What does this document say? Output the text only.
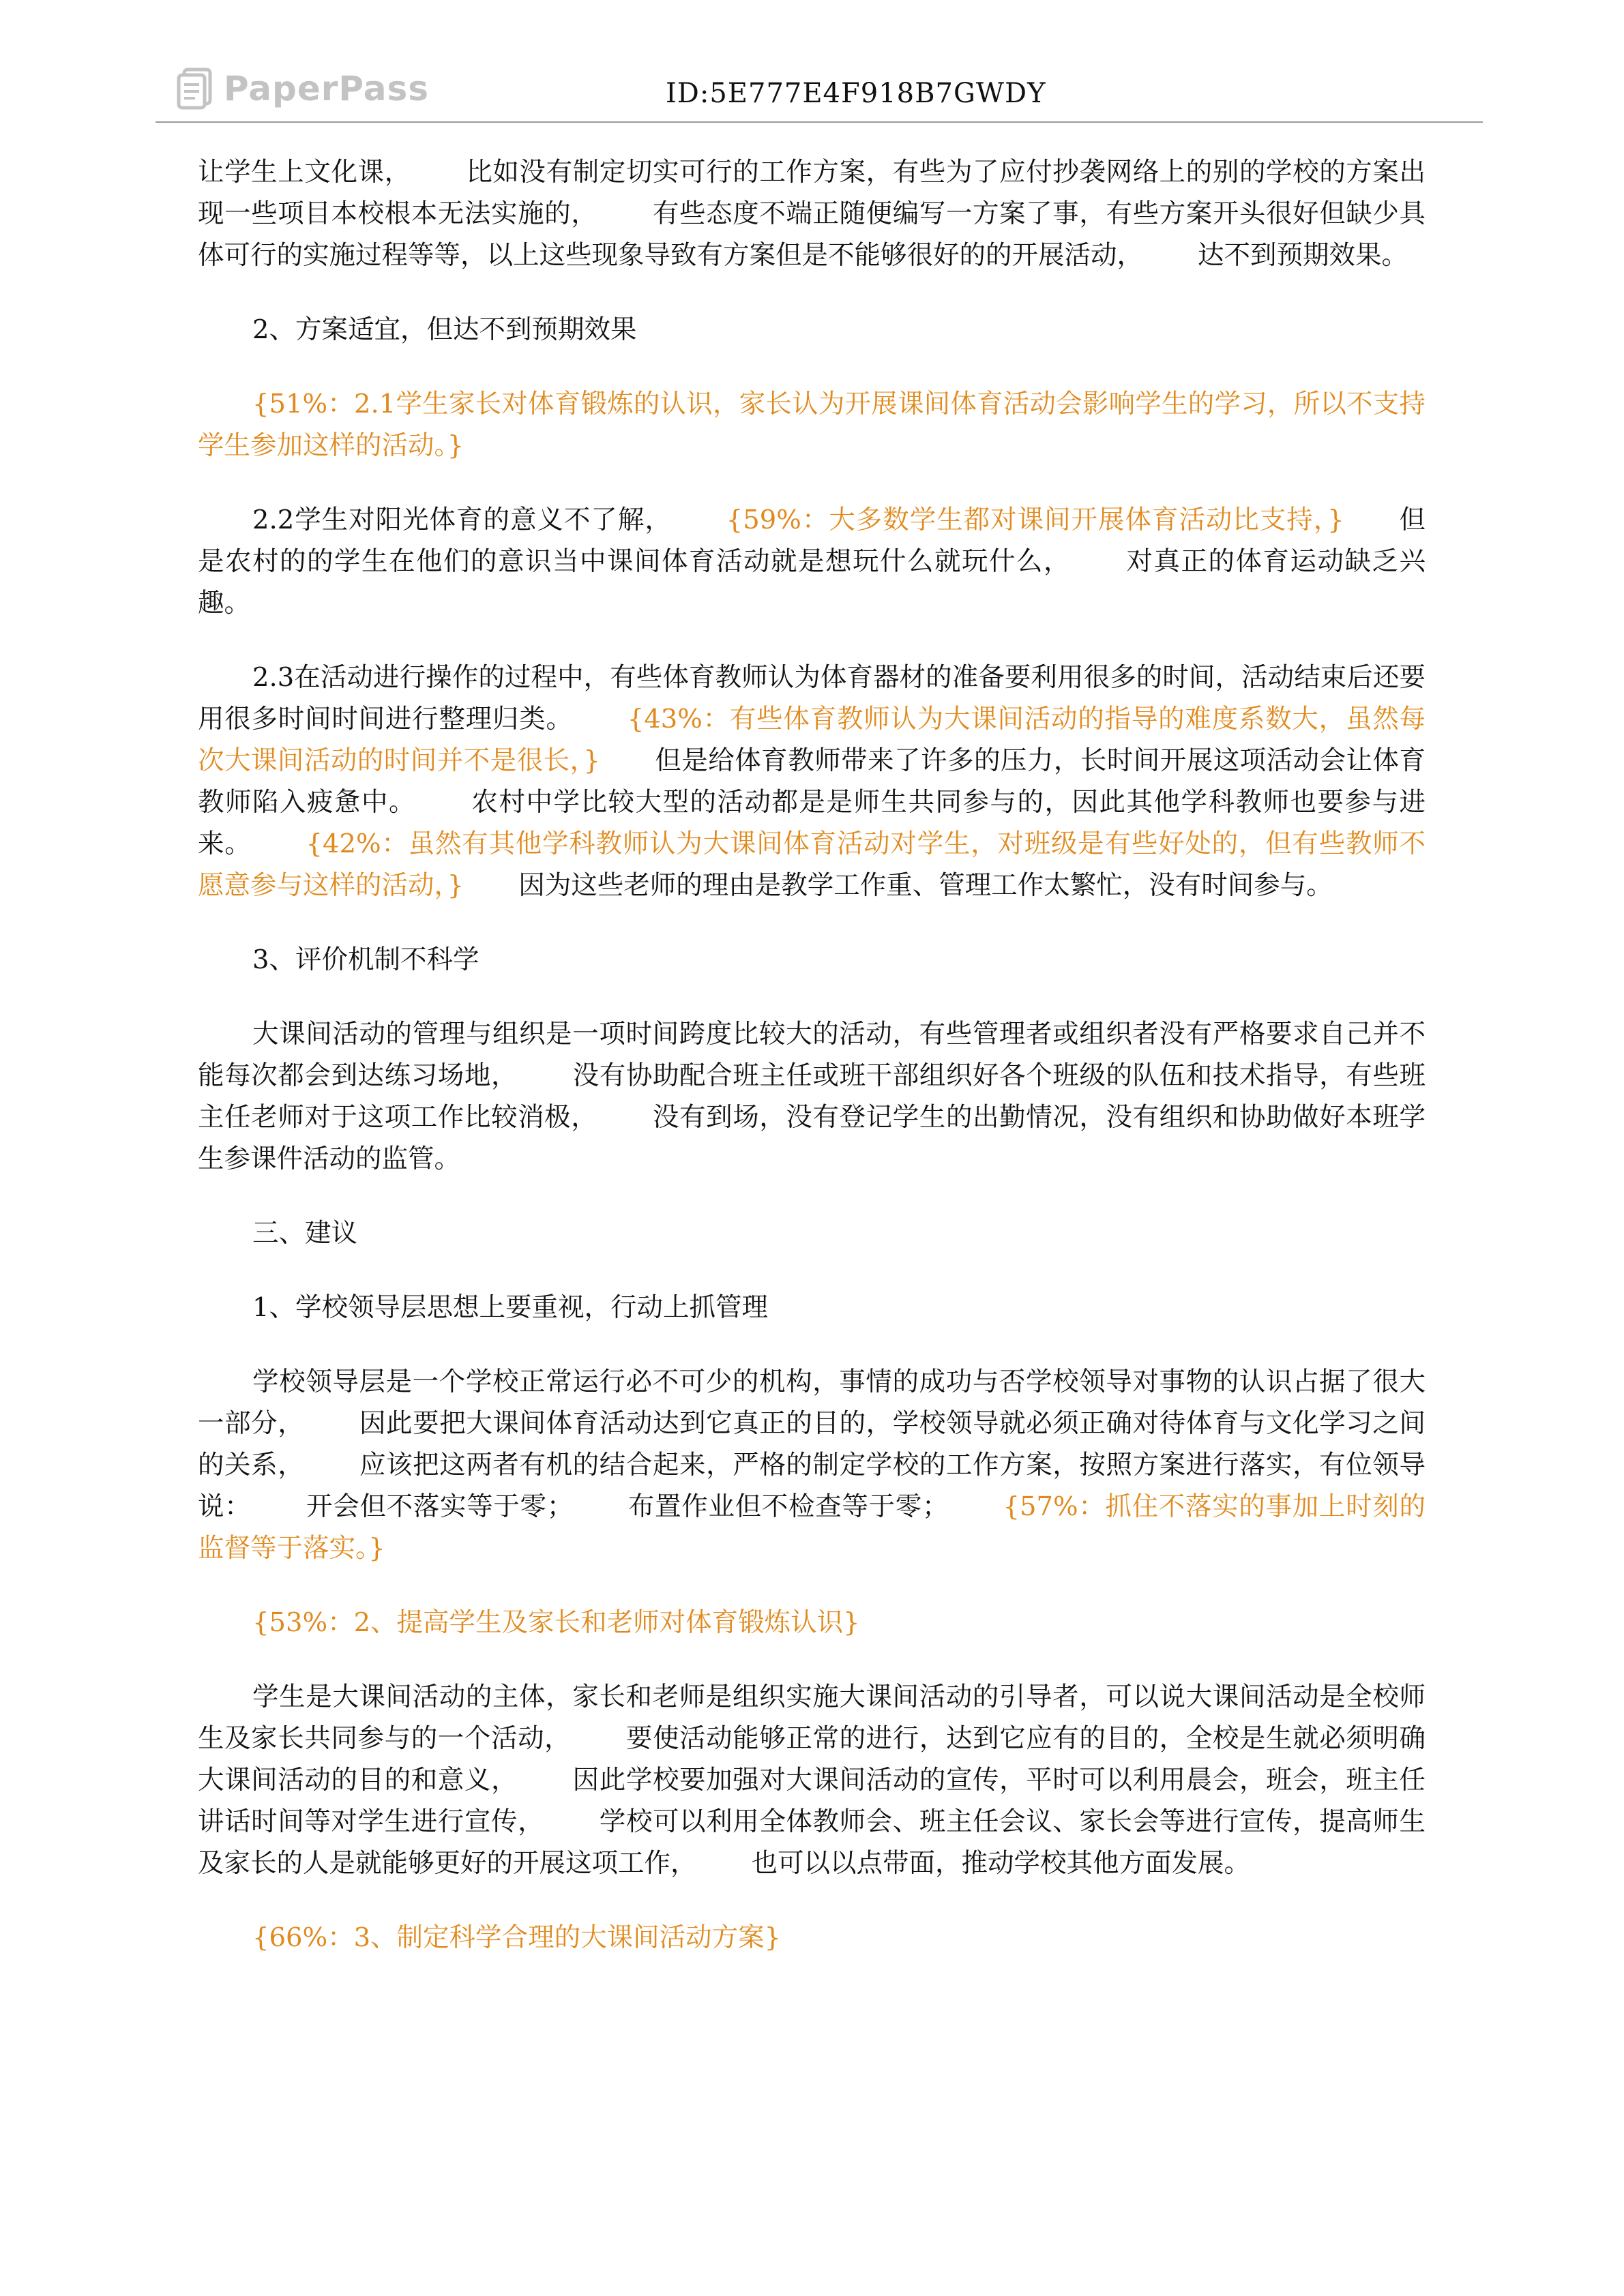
PaperPass	ID:5E777E4F918B7GWDY

让学生上文化课， 比如没有制定切实可行的工作方案，有些为了应付抄袭网络上的别的学校的方案出现一些项目本校根本无法实施的， 有些态度不端正随便编写一方案了事，有些方案开头很好但缺少具体可行的实施过程等等，以上这些现象导致有方案但是不能够很好的的开展活动， 达不到预期效果。

2、方案适宜，但达不到预期效果

{51%：2.1学生家长对体育锻炼的认识，家长认为开展课间体育活动会影响学生的学习，所以不支持学生参加这样的活动。}

2.2学生对阳光体育的意义不了解， {59%：大多数学生都对课间开展体育活动比支持，} 但是农村的的学生在他们的意识当中课间体育活动就是想玩什么就玩什么， 对真正的体育运动缺乏兴趣。

2.3在活动进行操作的过程中，有些体育教师认为体育器材的准备要利用很多的时间，活动结束后还要用很多时间时间进行整理归类。 {43%：有些体育教师认为大课间活动的指导的难度系数大，虽然每次大课间活动的时间并不是很长，} 但是给体育教师带来了许多的压力，长时间开展这项活动会让体育教师陷入疲惫中。 农村中学比较大型的活动都是是师生共同参与的，因此其他学科教师也要参与进来。 {42%：虽然有其他学科教师认为大课间体育活动对学生，对班级是有些好处的，但有些教师不愿意参与这样的活动，} 因为这些老师的理由是教学工作重、管理工作太繁忙，没有时间参与。

3、评价机制不科学

大课间活动的管理与组织是一项时间跨度比较大的活动，有些管理者或组织者没有严格要求自己并不能每次都会到达练习场地， 没有协助配合班主任或班干部组织好各个班级的队伍和技术指导，有些班主任老师对于这项工作比较消极， 没有到场，没有登记学生的出勤情况，没有组织和协助做好本班学生参课件活动的监管。

三、建议

1、学校领导层思想上要重视，行动上抓管理

学校领导层是一个学校正常运行必不可少的机构，事情的成功与否学校领导对事物的认识占据了很大一部分， 因此要把大课间体育活动达到它真正的目的，学校领导就必须正确对待体育与文化学习之间的关系， 应该把这两者有机的结合起来，严格的制定学校的工作方案，按照方案进行落实，有位领导说： 开会但不落实等于零； 布置作业但不检查等于零； {57%：抓住不落实的事加上时刻的监督等于落实。}

{53%：2、提高学生及家长和老师对体育锻炼认识}

学生是大课间活动的主体，家长和老师是组织实施大课间活动的引导者，可以说大课间活动是全校师生及家长共同参与的一个活动， 要使活动能够正常的进行，达到它应有的目的，全校是生就必须明确大课间活动的目的和意义， 因此学校要加强对大课间活动的宣传，平时可以利用晨会，班会，班主任讲话时间等对学生进行宣传， 学校可以利用全体教师会、班主任会议、家长会等进行宣传，提高师生及家长的人是就能够更好的开展这项工作， 也可以以点带面，推动学校其他方面发展。

{66%：3、制定科学合理的大课间活动方案}
